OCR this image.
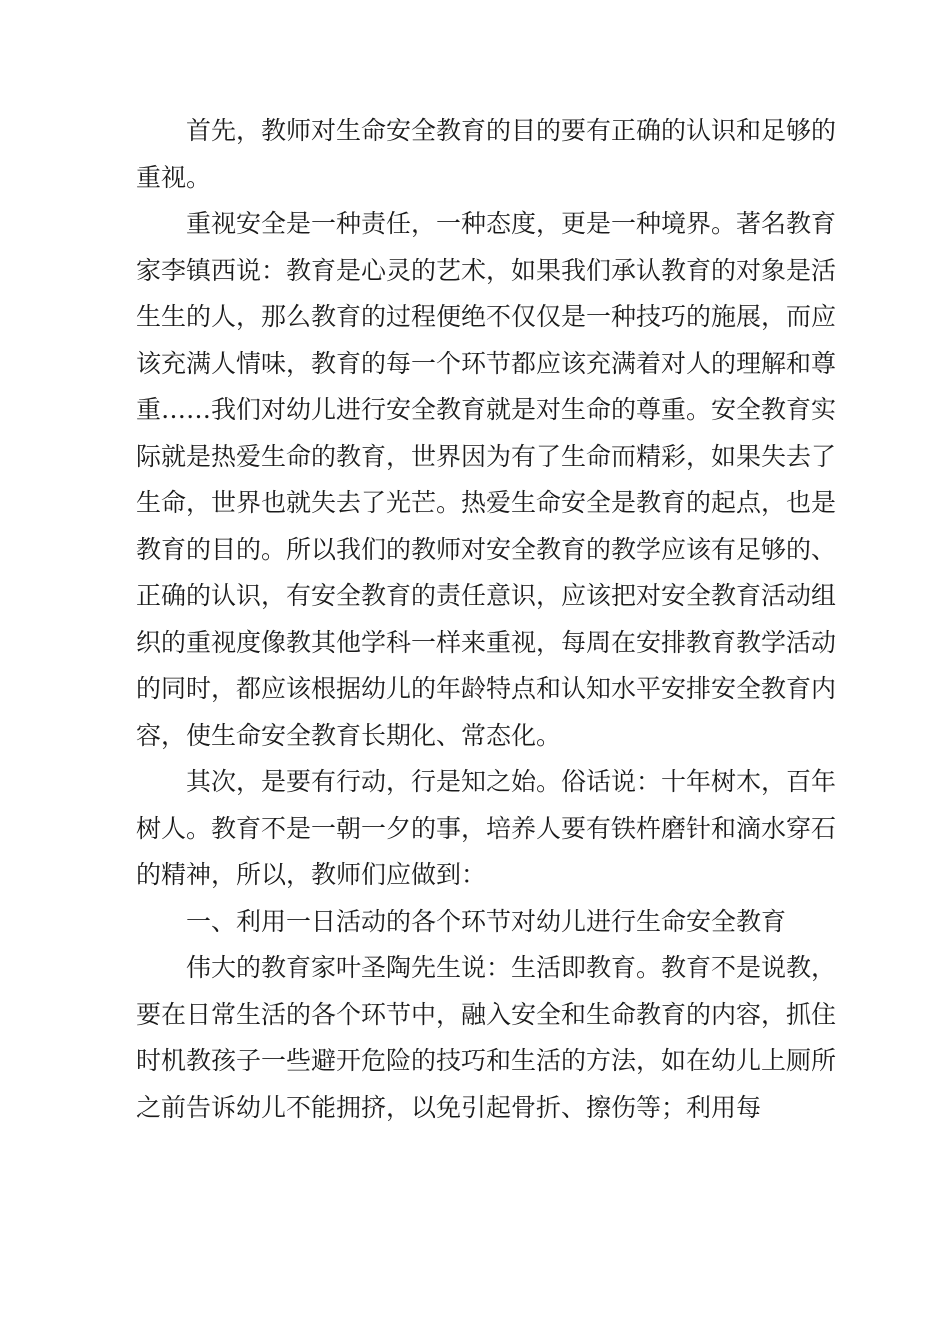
首先，教师对生命安全教育的目的要有正确的认识和足够的重视。

重视安全是一种责任，一种态度，更是一种境界。著名教育家李镇西说：教育是心灵的艺术，如果我们承认教育的对象是活生生的人，那么教育的过程便绝不仅仅是一种技巧的施展，而应该充满人情味，教育的每一个环节都应该充满着对人的理解和尊重……我们对幼儿进行安全教育就是对生命的尊重。安全教育实际就是热爱生命的教育，世界因为有了生命而精彩，如果失去了生命，世界也就失去了光芒。热爱生命安全是教育的起点，也是教育的目的。所以我们的教师对安全教育的教学应该有足够的、正确的认识，有安全教育的责任意识，应该把对安全教育活动组织的重视度像教其他学科一样来重视，每周在安排教育教学活动的同时，都应该根据幼儿的年龄特点和认知水平安排安全教育内容，使生命安全教育长期化、常态化。

其次，是要有行动，行是知之始。俗话说：十年树木，百年树人。教育不是一朝一夕的事，培养人要有铁杵磨针和滴水穿石的精神，所以，教师们应做到：

一、利用一日活动的各个环节对幼儿进行生命安全教育

伟大的教育家叶圣陶先生说：生活即教育。教育不是说教，要在日常生活的各个环节中，融入安全和生命教育的内容，抓住时机教孩子一些避开危险的技巧和生活的方法，如在幼儿上厕所之前告诉幼儿不能拥挤，以免引起骨折、擦伤等；利用每
